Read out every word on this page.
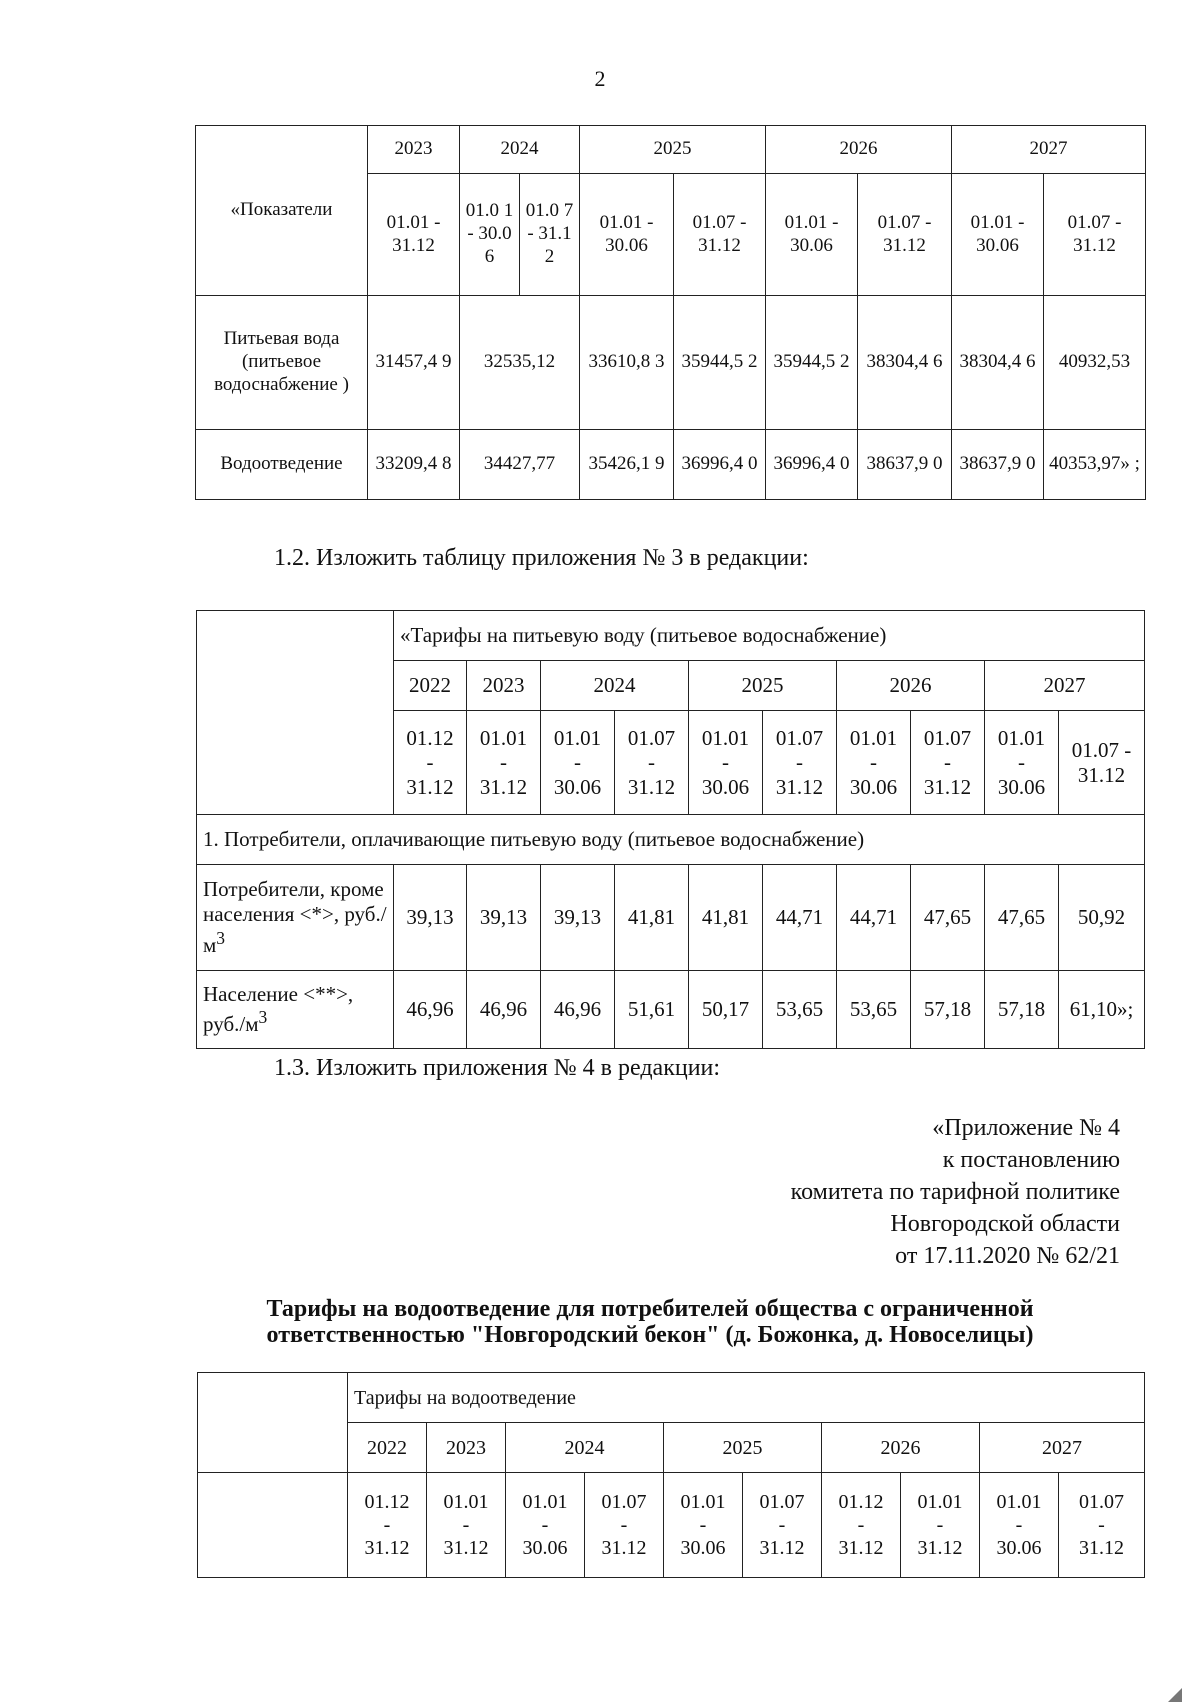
2
«Показатели	2023	2024		2025		2026		2027	
	01.01 - 31.12	01.0 1 - 30.0 6	01.0 7 - 31.1 2	01.01 - 30.06	01.07 - 31.12	01.01 - 30.06	01.07 - 31.12	01.01 - 30.06	01.07 - 31.12
Питьевая вода (питьевое водоснабжение )	31457,4 9	32535,12		33610,8 3	35944,5 2	35944,5 2	38304,4 6	38304,4 6	40932,53
Водоотведение	33209,4 8	34427,77		35426,1 9	36996,4 0	36996,4 0	38637,9 0	38637,9 0	40353,97» ;
1.2. Изложить таблицу приложения № 3 в редакции:
	«Тарифы на питьевую воду (питьевое водоснабжение)									
	2022	2023	2024		2025		2026		2027	
	01.12
-
31.12	01.01
-
31.12	01.01
-
30.06	01.07
-
31.12	01.01
-
30.06	01.07
-
31.12	01.01
-
30.06	01.07
-
31.12	01.01
-
30.06	01.07 -
31.12
1. Потребители, оплачивающие питьевую воду (питьевое водоснабжение)										
Потребители, кроме населения <*>, $руб./м^3$	39,13	39,13	39,13	41,81	41,81	44,71	44,71	47,65	47,65	50,92
Население <**>, $руб./м^3$	46,96	46,96	46,96	51,61	50,17	53,65	53,65	57,18	57,18	61,10»;
1.3. Изложить приложения № 4 в редакции:
«Приложение № 4
к постановлению
комитета по тарифной политике
Новгородской области
от 17.11.2020 № 62/21
Тарифы на водоотведение для потребителей общества с ограниченной
ответственностью "Новгородский бекон" (д. Божонка, д. Новоселицы)
	Тарифы на водоотведение									
	2022	2023	2024		2025		2026		2027	
	01.12
-
31.12	01.01
-
31.12	01.01
-
30.06	01.07
-
31.12	01.01
-
30.06	01.07
-
31.12	01.12
-
31.12	01.01
-
31.12	01.01
-
30.06	01.07
-
31.12
